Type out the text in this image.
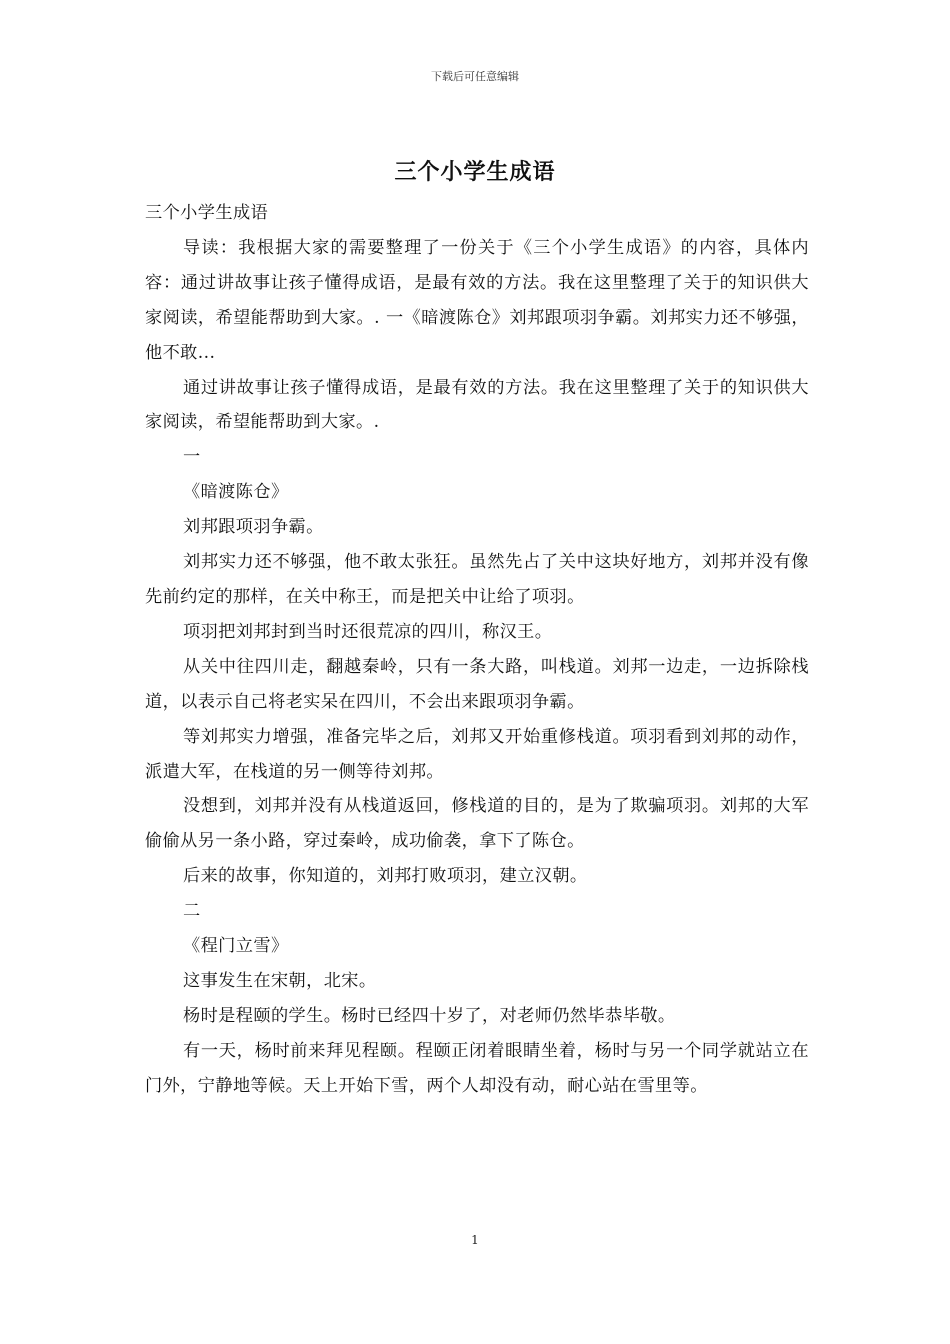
下载后可任意编辑
三个小学生成语

三个小学生成语

导读：我根据大家的需要整理了一份关于《三个小学生成语》的内容，具体内容：通过讲故事让孩子懂得成语，是最有效的方法。我在这里整理了关于的知识供大家阅读，希望能帮助到大家。. 一《暗渡陈仓》刘邦跟项羽争霸。刘邦实力还不够强，他不敢...

通过讲故事让孩子懂得成语，是最有效的方法。我在这里整理了关于的知识供大家阅读，希望能帮助到大家。.

一

《暗渡陈仓》

刘邦跟项羽争霸。

刘邦实力还不够强，他不敢太张狂。虽然先占了关中这块好地方，刘邦并没有像先前约定的那样，在关中称王，而是把关中让给了项羽。

项羽把刘邦封到当时还很荒凉的四川，称汉王。

从关中往四川走，翻越秦岭，只有一条大路，叫栈道。刘邦一边走，一边拆除栈道，以表示自己将老实呆在四川，不会出来跟项羽争霸。

等刘邦实力增强，准备完毕之后，刘邦又开始重修栈道。项羽看到刘邦的动作，派遣大军，在栈道的另一侧等待刘邦。

没想到，刘邦并没有从栈道返回，修栈道的目的，是为了欺骗项羽。刘邦的大军偷偷从另一条小路，穿过秦岭，成功偷袭，拿下了陈仓。

后来的故事，你知道的，刘邦打败项羽，建立汉朝。

二

《程门立雪》

这事发生在宋朝，北宋。

杨时是程颐的学生。杨时已经四十岁了，对老师仍然毕恭毕敬。

有一天，杨时前来拜见程颐。程颐正闭着眼睛坐着，杨时与另一个同学就站立在门外，宁静地等候。天上开始下雪，两个人却没有动，耐心站在雪里等。

1
